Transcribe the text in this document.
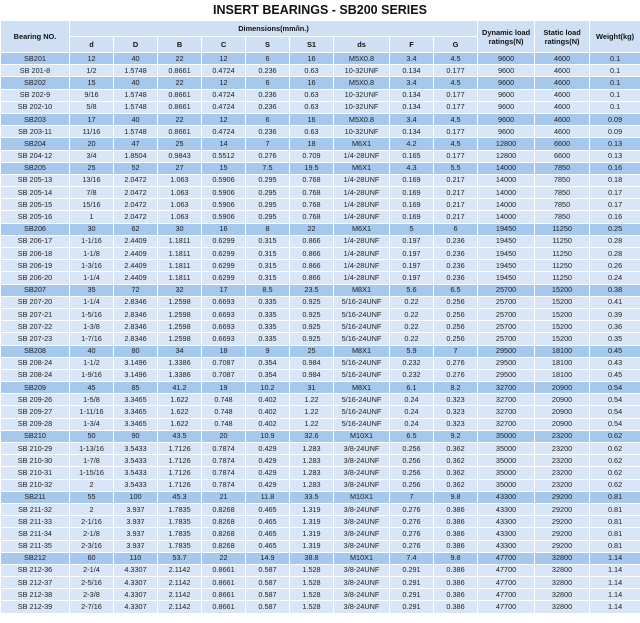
INSERT BEARINGS - SB200 SERIES
Bearing NO.	Dimensions(mm/in.)									Dynamic load ratings(N)	Static load ratings(N)	Weight(kg)
	d	D	B	C	S	S1	ds	F	G			
SB201	12	40	22	12	6	16	M5X0.8	3.4	4.5	9600	4600	0.1
SB 201-8	1/2	1.5748	0.8661	0.4724	0.236	0.63	10-32UNF	0.134	0.177	9600	4600	0.1
SB202	15	40	22	12	6	16	M5X0.8	3.4	4.5	9600	4600	0.1
SB 202-9	9/16	1.5748	0.8661	0.4724	0.236	0.63	10-32UNF	0.134	0.177	9600	4600	0.1
SB 202-10	5/8	1.5748	0.8661	0.4724	0.236	0.63	10-32UNF	0.134	0.177	9600	4600	0.1
SB203	17	40	22	12	6	16	M5X0.8	3.4	4.5	9600	4600	0.09
SB 203-11	11/16	1.5748	0.8661	0.4724	0.236	0.63	10-32UNF	0.134	0.177	9600	4600	0.09
SB204	20	47	25	14	7	18	M6X1	4.2	4.5	12800	6600	0.13
SB 204-12	3/4	1.8504	0.9843	0.5512	0.276	0.709	1/4-28UNF	0.165	0.177	12800	6600	0.13
SB205	25	52	27	15	7.5	19.5	M6X1	4.3	5.5	14000	7850	0.16
SB 205-13	13/16	2.0472	1.063	0.5906	0.295	0.768	1/4-28UNF	0.169	0.217	14000	7850	0.18
SB 205-14	7/8	2.0472	1.063	0.5906	0.295	0.768	1/4-28UNF	0.169	0.217	14000	7850	0.17
SB 205-15	15/16	2.0472	1.063	0.5906	0.295	0.768	1/4-28UNF	0.169	0.217	14000	7850	0.17
SB 205-16	1	2.0472	1.063	0.5906	0.295	0.768	1/4-28UNF	0.169	0.217	14000	7850	0.16
SB206	30	62	30	16	8	22	M6X1	5	6	19450	11250	0.25
SB 206-17	1-1/16	2.4409	1.1811	0.6299	0.315	0.866	1/4-28UNF	0.197	0.236	19450	11250	0.28
SB 206-18	1-1/8	2.4409	1.1811	0.6299	0.315	0.866	1/4-28UNF	0.197	0.236	19450	11250	0.28
SB 206-19	1-3/16	2.4409	1.1811	0.6299	0.315	0.866	1/4-28UNF	0.197	0.236	19450	11250	0.26
SB 206-20	1-1/4	2.4409	1.1811	0.6299	0.315	0.866	1/4-28UNF	0.197	0.236	19450	11250	0.24
SB207	35	72	32	17	8.5	23.5	M8X1	5.6	6.5	25700	15200	0.38
SB 207-20	1-1/4	2.8346	1.2598	0.6693	0.335	0.925	5/16-24UNF	0.22	0.256	25700	15200	0.41
SB 207-21	1-5/16	2.8346	1.2598	0.6693	0.335	0.925	5/16-24UNF	0.22	0.256	25700	15200	0.39
SB 207-22	1-3/8	2.8346	1.2598	0.6693	0.335	0.925	5/16-24UNF	0.22	0.256	25700	15200	0.36
SB 207-23	1-7/16	2.8346	1.2598	0.6693	0.335	0.925	5/16-24UNF	0.22	0.256	25700	15200	0.35
SB208	40	80	34	18	9	25	M8X1	5.9	7	29500	18100	0.45
SB 208-24	1-1/2	3.1496	1.3386	0.7087	0.354	0.984	5/16-24UNF	0.232	0.276	29500	18100	0.43
SB 208-24	1-9/16	3.1496	1.3386	0.7087	0.354	0.984	5/16-24UNF	0.232	0.276	29500	18100	0.45
SB209	45	85	41.2	19	10.2	31	M8X1	6.1	8.2	32700	20900	0.54
SB 209-26	1-5/8	3.3465	1.622	0.748	0.402	1.22	5/16-24UNF	0.24	0.323	32700	20900	0.54
SB 209-27	1-11/16	3.3465	1.622	0.748	0.402	1.22	5/16-24UNF	0.24	0.323	32700	20900	0.54
SB 209-28	1-3/4	3.3465	1.622	0.748	0.402	1.22	5/16-24UNF	0.24	0.323	32700	20900	0.54
SB210	50	90	43.5	20	10.9	32.6	M10X1	6.5	9.2	35000	23200	0.62
SB 210-29	1-13/16	3.5433	1.7126	0.7874	0.429	1.283	3/8-24UNF	0.256	0.362	35000	23200	0.62
SB 210-30	1-7/8	3.5433	1.7126	0.7874	0.429	1.283	3/8-24UNF	0.256	0.362	35000	23200	0.62
SB 210-31	1-15/16	3.5433	1.7126	0.7874	0.429	1.283	3/8-24UNF	0.256	0.362	35000	23200	0.62
SB 210-32	2	3.5433	1.7126	0.7874	0.429	1.283	3/8-24UNF	0.256	0.362	35000	23200	0.62
SB211	55	100	45.3	21	11.8	33.5	M10X1	7	9.8	43300	29200	0.81
SB 211-32	2	3.937	1.7835	0.8268	0.465	1.319	3/8-24UNF	0.276	0.386	43300	29200	0.81
SB 211-33	2-1/16	3.937	1.7835	0.8268	0.465	1.319	3/8-24UNF	0.276	0.386	43300	29200	0.81
SB 211-34	2-1/8	3.937	1.7835	0.8268	0.465	1.319	3/8-24UNF	0.276	0.386	43300	29200	0.81
SB 211-35	2-3/16	3.937	1.7835	0.8268	0.465	1.319	3/8-24UNF	0.276	0.386	43300	29200	0.81
SB212	60	110	53.7	22	14.9	38.8	M10X1	7.4	9.8	47700	32800	1.14
SB 212-36	2-1/4	4.3307	2.1142	0.8661	0.587	1.528	3/8-24UNF	0.291	0.386	47700	32800	1.14
SB 212-37	2-5/16	4.3307	2.1142	0.8661	0.587	1.528	3/8-24UNF	0.291	0.386	47700	32800	1.14
SB 212-38	2-3/8	4.3307	2.1142	0.8661	0.587	1.528	3/8-24UNF	0.291	0.386	47700	32800	1.14
SB 212-39	2-7/16	4.3307	2.1142	0.8661	0.587	1.528	3/8-24UNF	0.291	0.386	47700	32800	1.14
